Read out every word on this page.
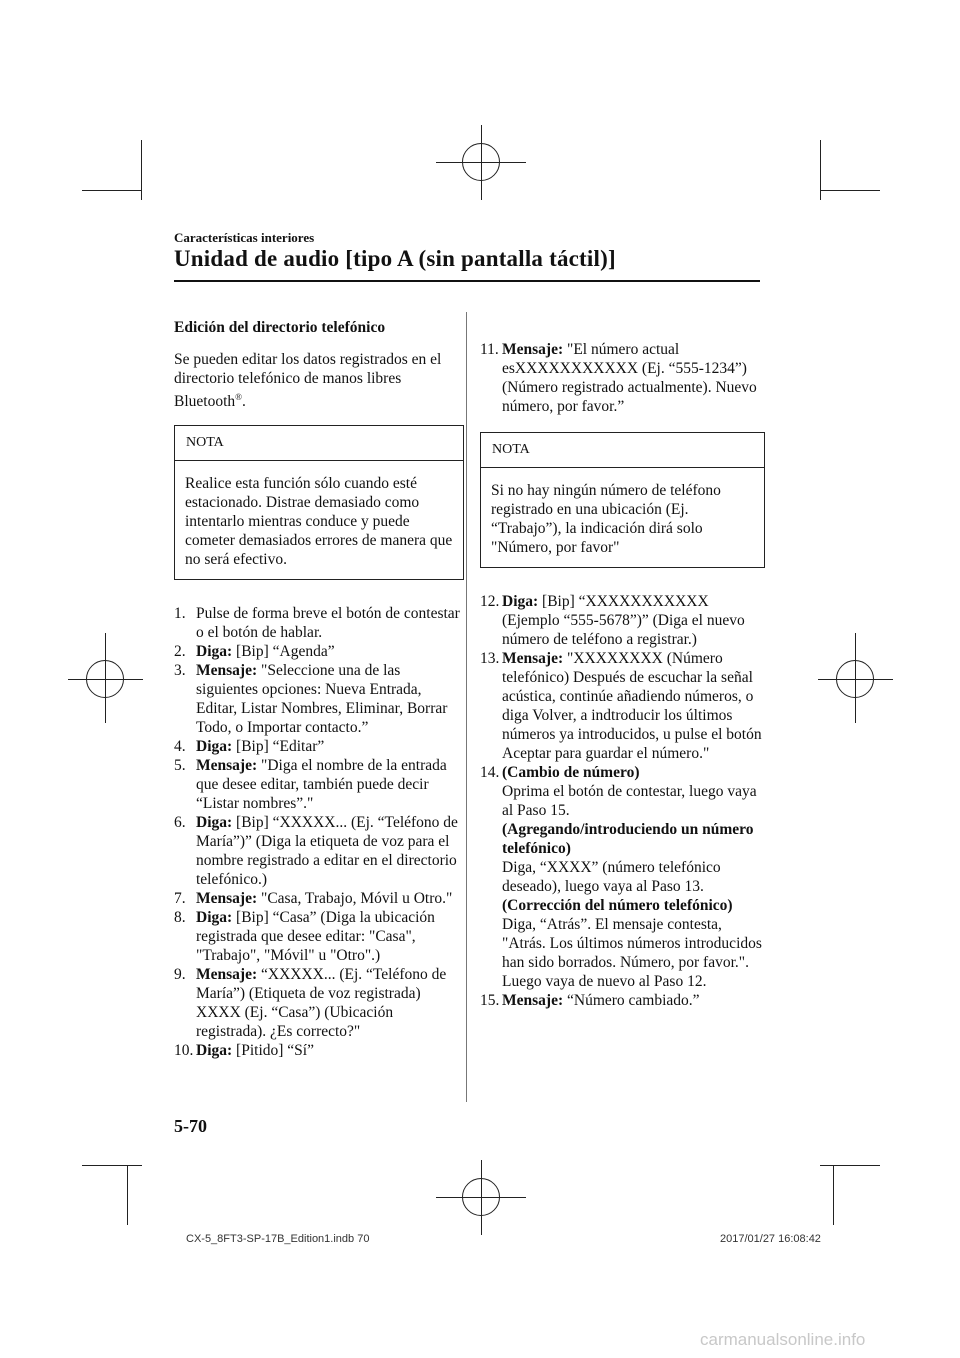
Características interiores
Unidad de audio [tipo A (sin pantalla táctil)]

Edición del directorio telefónico

Se pueden editar los datos registrados en el directorio telefónico de manos libres Bluetooth®.

NOTA
Realice esta función sólo cuando esté estacionado. Distrae demasiado como intentarlo mientras conduce y puede cometer demasiados errores de manera que no será efectivo.
1. Pulse de forma breve el botón de contestar o el botón de hablar.
2. Diga: [Bip] “Agenda”
3. Mensaje: "Seleccione una de las siguientes opciones: Nueva Entrada, Editar, Listar Nombres, Eliminar, Borrar Todo, o Importar contacto.”
4. Diga: [Bip] “Editar”
5. Mensaje: "Diga el nombre de la entrada que desee editar, también puede decir “Listar nombres”."
6. Diga: [Bip] “XXXXX... (Ej. “Teléfono de María”)” (Diga la etiqueta de voz para el nombre registrado a editar en el directorio telefónico.)
7. Mensaje: "Casa, Trabajo, Móvil u Otro."
8. Diga: [Bip] “Casa” (Diga la ubicación registrada que desee editar: "Casa", "Trabajo", "Móvil" u "Otro".)
9. Mensaje: “XXXXX... (Ej. “Teléfono de María”) (Etiqueta de voz registrada) XXXX (Ej. “Casa”) (Ubicación registrada). ¿Es correcto?"
10. Diga: [Pitido] “Sí”
11. Mensaje: "El número actual esXXXXXXXXXXX (Ej. “555-1234”) (Número registrado actualmente). Nuevo número, por favor.”
NOTA
Si no hay ningún número de teléfono registrado en una ubicación (Ej. “Trabajo”), la indicación dirá solo "Número, por favor"
12. Diga: [Bip] “XXXXXXXXXXX (Ejemplo “555-5678”)” (Diga el nuevo número de teléfono a registrar.)
13. Mensaje: "XXXXXXXX (Número telefónico) Después de escuchar la señal acústica, continúe añadiendo números, o diga Volver, a indtroducir los últimos números ya introducidos, u pulse el botón Aceptar para guardar el número."
14. (Cambio de número)
Oprima el botón de contestar, luego vaya al Paso 15.
(Agregando/introduciendo un número telefónico)
Diga, “XXXX” (número telefónico deseado), luego vaya al Paso 13.
(Corrección del número telefónico)
Diga, “Atrás”. El mensaje contesta, "Atrás. Los últimos números introducidos han sido borrados. Número, por favor.". Luego vaya de nuevo al Paso 12.
15. Mensaje: “Número cambiado.”
5-70
CX-5_8FT3-SP-17B_Edition1.indb 70	2017/01/27 16:08:42
carmanualsonline.info
